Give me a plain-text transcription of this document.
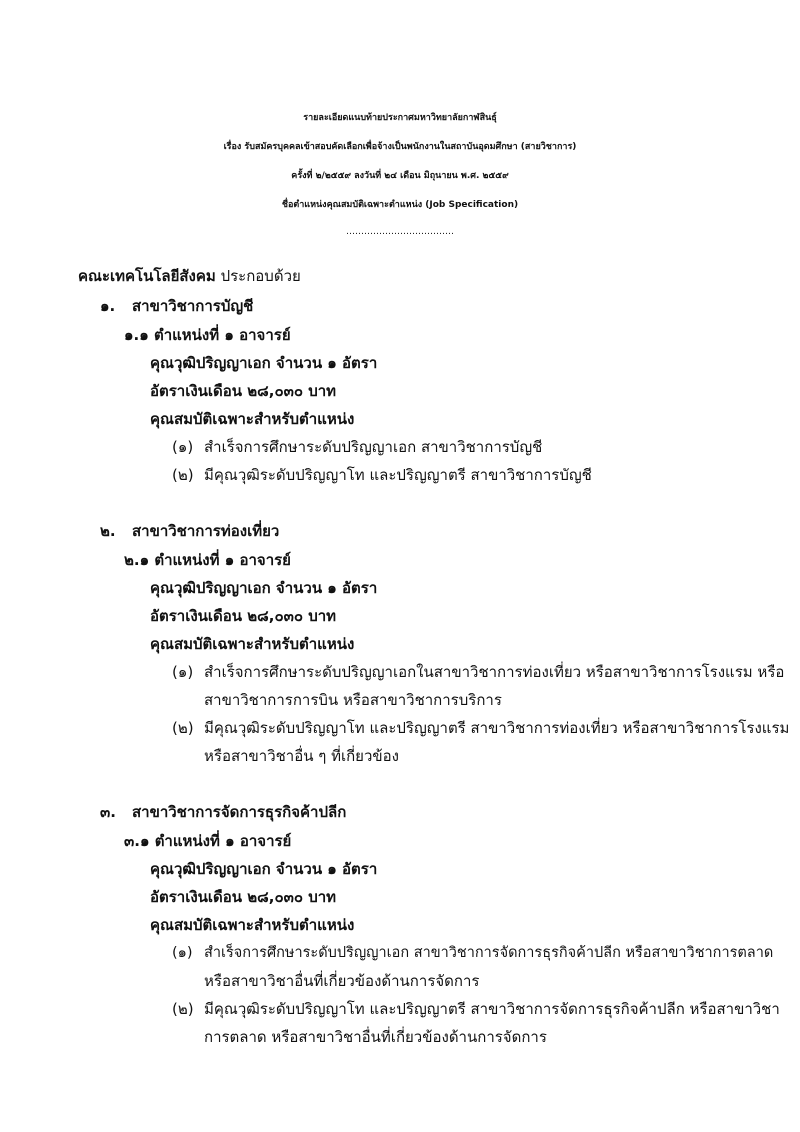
รายละเอียดแนบท้ายประกาศมหาวิทยาลัยกาฬสินธุ์
เรื่อง รับสมัครบุคคลเข้าสอบคัดเลือกเพื่อจ้างเป็นพนักงานในสถาบันอุดมศึกษา (สายวิชาการ)
ครั้งที่ ๒/๒๕๕๙ ลงวันที่ ๒๔ เดือน มิถุนายน พ.ศ. ๒๕๕๙
ชื่อตำแหน่งคุณสมบัติเฉพาะตำแหน่ง (Job Specification)
………………………………
คณะเทคโนโลยีสังคม ประกอบด้วย
๑. สาขาวิชาการบัญชี
๑.๑ ตำแหน่งที่ ๑ อาจารย์
คุณวุฒิปริญญาเอก จำนวน ๑ อัตรา
อัตราเงินเดือน ๒๘,๐๓๐ บาท
คุณสมบัติเฉพาะสำหรับตำแหน่ง
(๑) สำเร็จการศึกษาระดับปริญญาเอก สาขาวิชาการบัญชี
(๒) มีคุณวุฒิระดับปริญญาโท และปริญญาตรี สาขาวิชาการบัญชี
๒. สาขาวิชาการท่องเที่ยว
๒.๑ ตำแหน่งที่ ๑ อาจารย์
คุณวุฒิปริญญาเอก จำนวน ๑ อัตรา
อัตราเงินเดือน ๒๘,๐๓๐ บาท
คุณสมบัติเฉพาะสำหรับตำแหน่ง
(๑) สำเร็จการศึกษาระดับปริญญาเอกในสาขาวิชาการท่องเที่ยว หรือสาขาวิชาการโรงแรม หรือ
สาขาวิชาการการบิน หรือสาขาวิชาการบริการ
(๒) มีคุณวุฒิระดับปริญญาโท และปริญญาตรี สาขาวิชาการท่องเที่ยว หรือสาขาวิชาการโรงแรม
หรือสาขาวิชาอื่น ๆ ที่เกี่ยวข้อง
๓. สาขาวิชาการจัดการธุรกิจค้าปลีก
๓.๑ ตำแหน่งที่ ๑ อาจารย์
คุณวุฒิปริญญาเอก จำนวน ๑ อัตรา
อัตราเงินเดือน ๒๘,๐๓๐ บาท
คุณสมบัติเฉพาะสำหรับตำแหน่ง
(๑) สำเร็จการศึกษาระดับปริญญาเอก สาขาวิชาการจัดการธุรกิจค้าปลีก หรือสาขาวิชาการตลาด
หรือสาขาวิชาอื่นที่เกี่ยวข้องด้านการจัดการ
(๒) มีคุณวุฒิระดับปริญญาโท และปริญญาตรี สาขาวิชาการจัดการธุรกิจค้าปลีก หรือสาขาวิชา
การตลาด หรือสาขาวิชาอื่นที่เกี่ยวข้องด้านการจัดการ
